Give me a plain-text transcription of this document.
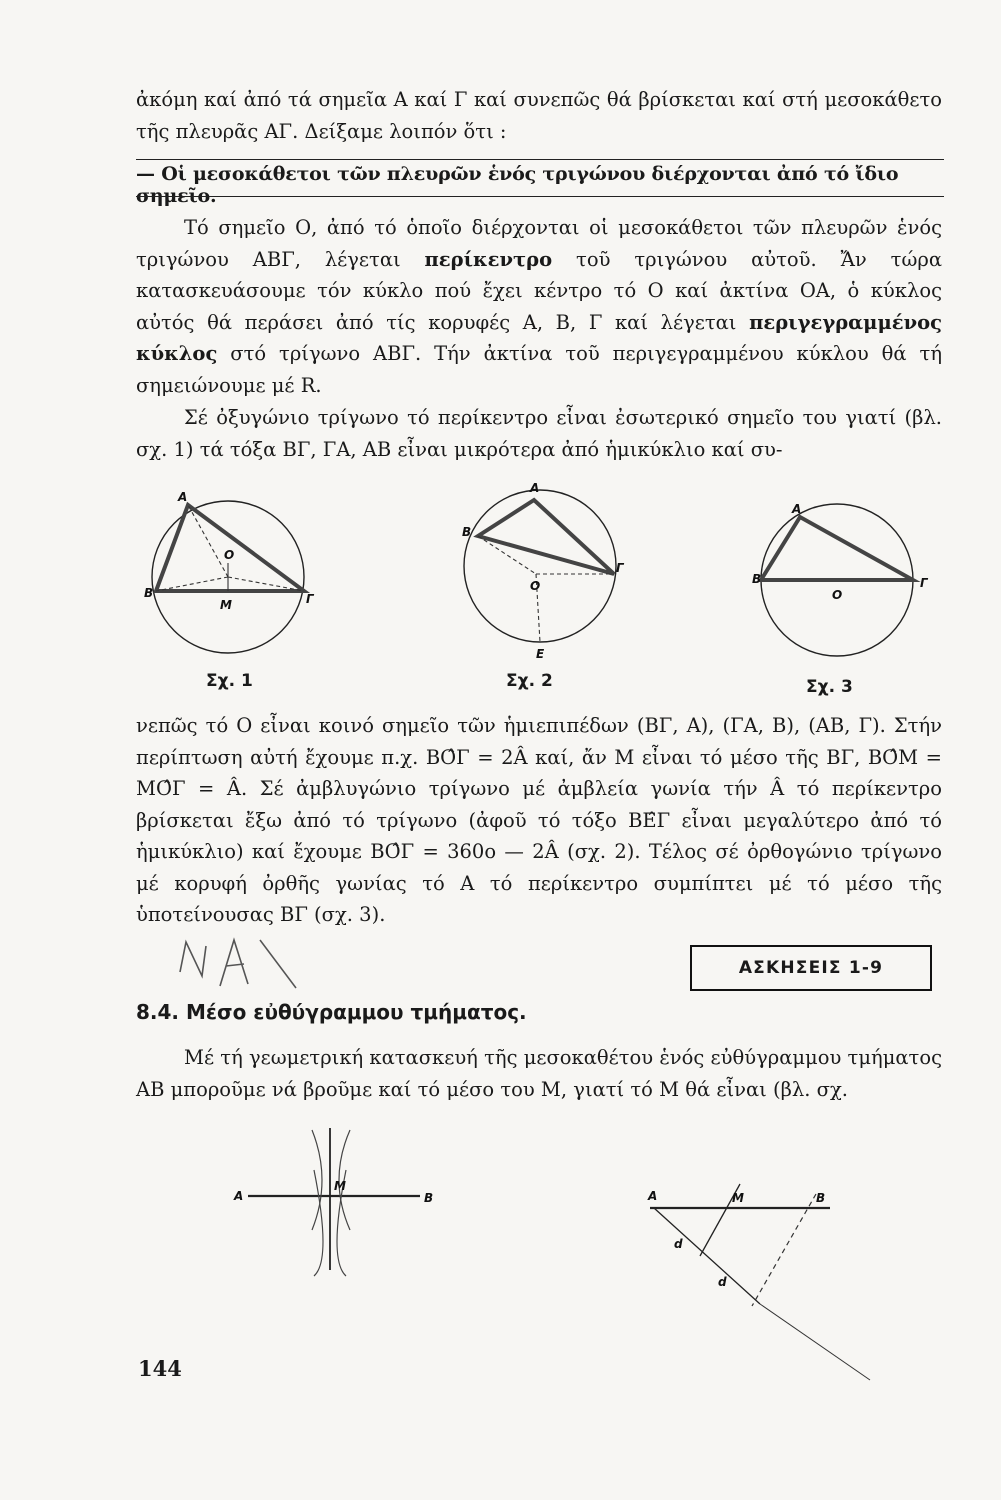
ἀκόμη καί ἀπό τά σημεῖα Α καί Γ καί συνεπῶς θά βρίσκεται καί στή μεσοκάθετο τῆς πλευρᾶς ΑΓ. Δείξαμε λοιπόν ὅτι :

— Οἱ μεσοκάθετοι τῶν πλευρῶν ἑνός τριγώνου διέρχονται ἀπό τό ἴδιο σημεῖο.

Τό σημεῖο Ο, ἀπό τό ὁποῖο διέρχονται οἱ μεσοκάθετοι τῶν πλευρῶν ἑνός τριγώνου ΑΒΓ, λέγεται περίκεντρο τοῦ τριγώνου αὐτοῦ. Ἄν τώρα κατασκευάσουμε τόν κύκλο πού ἔχει κέντρο τό Ο καί ἀκτίνα ΟΑ, ὁ κύκλος αὐτός θά περάσει ἀπό τίς κορυφές Α, Β, Γ καί λέγεται περιγεγραμμένος κύκλος στό τρίγωνο ΑΒΓ. Τήν ἀκτίνα τοῦ περιγεγραμμένου κύκλου θά τή σημειώνουμε μέ R.

Σέ ὀξυγώνιο τρίγωνο τό περίκεντρο εἶναι ἐσωτερικό σημεῖο του γιατί (βλ. σχ. 1) τά τόξα ΒΓ, ΓΑ, ΑΒ εἶναι μικρότερα ἀπό ἡμικύκλιο καί συ-

A
B	Γ
O
M
Σχ. 1
A
B
Γ
O
E
Σχ. 2
A
B	Γ
O
Σχ. 3

νεπῶς τό Ο εἶναι κοινό σημεῖο τῶν ἡμιεπιπέδων (ΒΓ, Α), (ΓΑ, Β), (ΑΒ, Γ). Στήν περίπτωση αὐτή ἔχουμε π.χ. ΒΟ̂Γ = 2Â καί, ἄν Μ εἶναι τό μέσο τῆς ΒΓ, ΒΟ̂Μ = ΜΟ̂Γ = Â. Σέ ἀμβλυγώνιο τρίγωνο μέ ἀμβλεία γωνία τήν Â τό περίκεντρο βρίσκεται ἔξω ἀπό τό τρίγωνο (ἀφοῦ τό τόξο ΒΕ̂Γ εἶναι μεγαλύτερο ἀπό τό ἡμικύκλιο) καί ἔχουμε ΒΟ̂Γ = 360ο — 2Â (σχ. 2). Τέλος σέ ὀρθογώνιο τρίγωνο μέ κορυφή ὀρθῆς γωνίας τό Α τό περίκεντρο συμπίπτει μέ τό μέσο τῆς ὑποτείνουσας ΒΓ (σχ. 3).

ΑΣΚΗΣΕΙΣ 1-9
8.4. Μέσο εὐθύγραμμου τμήματος.

Μέ τή γεωμετρική κατασκευή τῆς μεσοκαθέτου ἑνός εὐθύγραμμου τμήματος ΑΒ μποροῦμε νά βροῦμε καί τό μέσο του Μ, γιατί τό Μ θά εἶναι (βλ. σχ.

A
M
B	A	M	B
d
d
144
